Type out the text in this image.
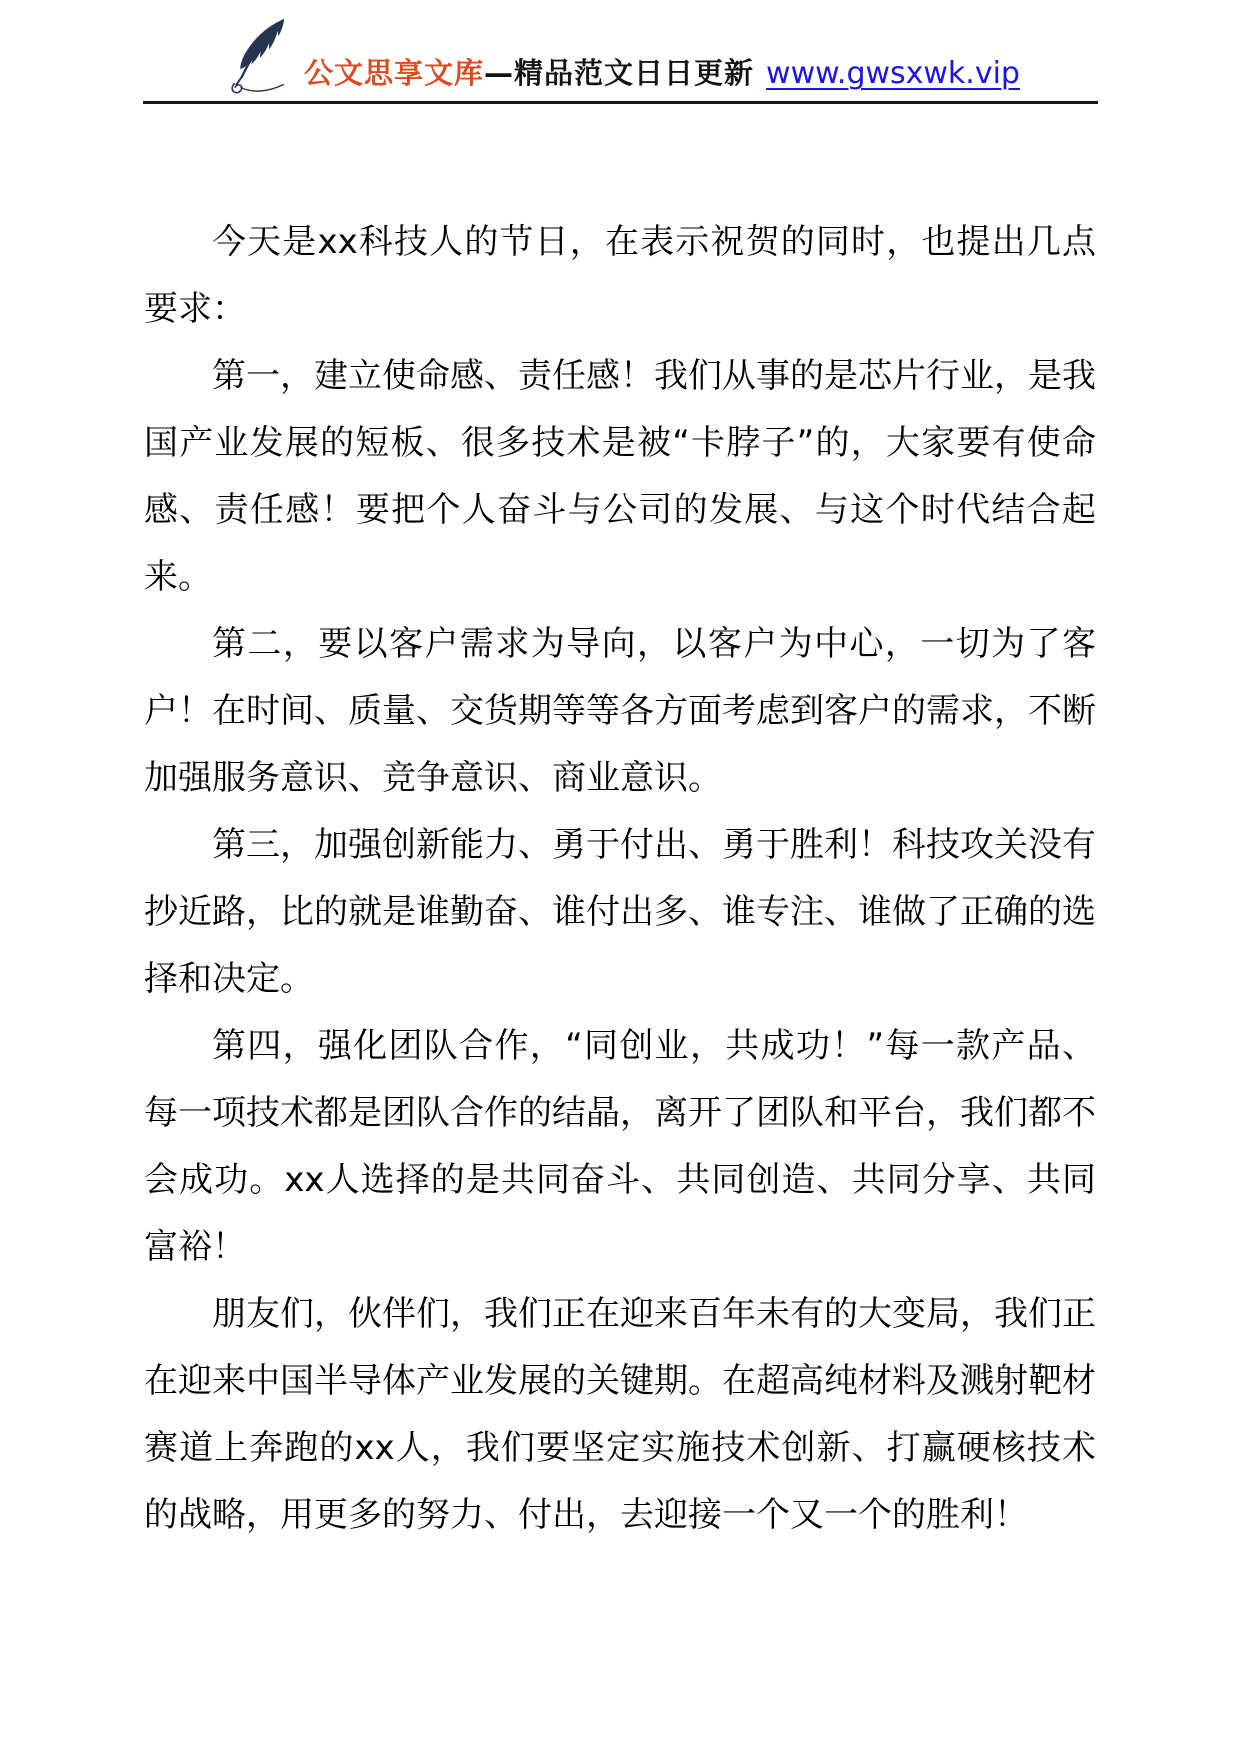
公文思享文库 —精品范文日日更新 www.gwsxwk.vip

今天是xx科技人的节日，在表示祝贺的同时，也提出几点要求：

第一，建立使命感、责任感！我们从事的是芯片行业，是我国产业发展的短板、很多技术是被“卡脖子”的，大家要有使命感、责任感！要把个人奋斗与公司的发展、与这个时代结合起来。

第二，要以客户需求为导向，以客户为中心，一切为了客户！在时间、质量、交货期等等各方面考虑到客户的需求，不断加强服务意识、竞争意识、商业意识。

第三，加强创新能力、勇于付出、勇于胜利！科技攻关没有抄近路，比的就是谁勤奋、谁付出多、谁专注、谁做了正确的选择和决定。

第四，强化团队合作，“同创业，共成功！”每一款产品、每一项技术都是团队合作的结晶，离开了团队和平台，我们都不会成功。xx人选择的是共同奋斗、共同创造、共同分享、共同富裕！

朋友们，伙伴们，我们正在迎来百年未有的大变局，我们正在迎来中国半导体产业发展的关键期。在超高纯材料及溅射靶材赛道上奔跑的xx人，我们要坚定实施技术创新、打赢硬核技术的战略，用更多的努力、付出，去迎接一个又一个的胜利！
